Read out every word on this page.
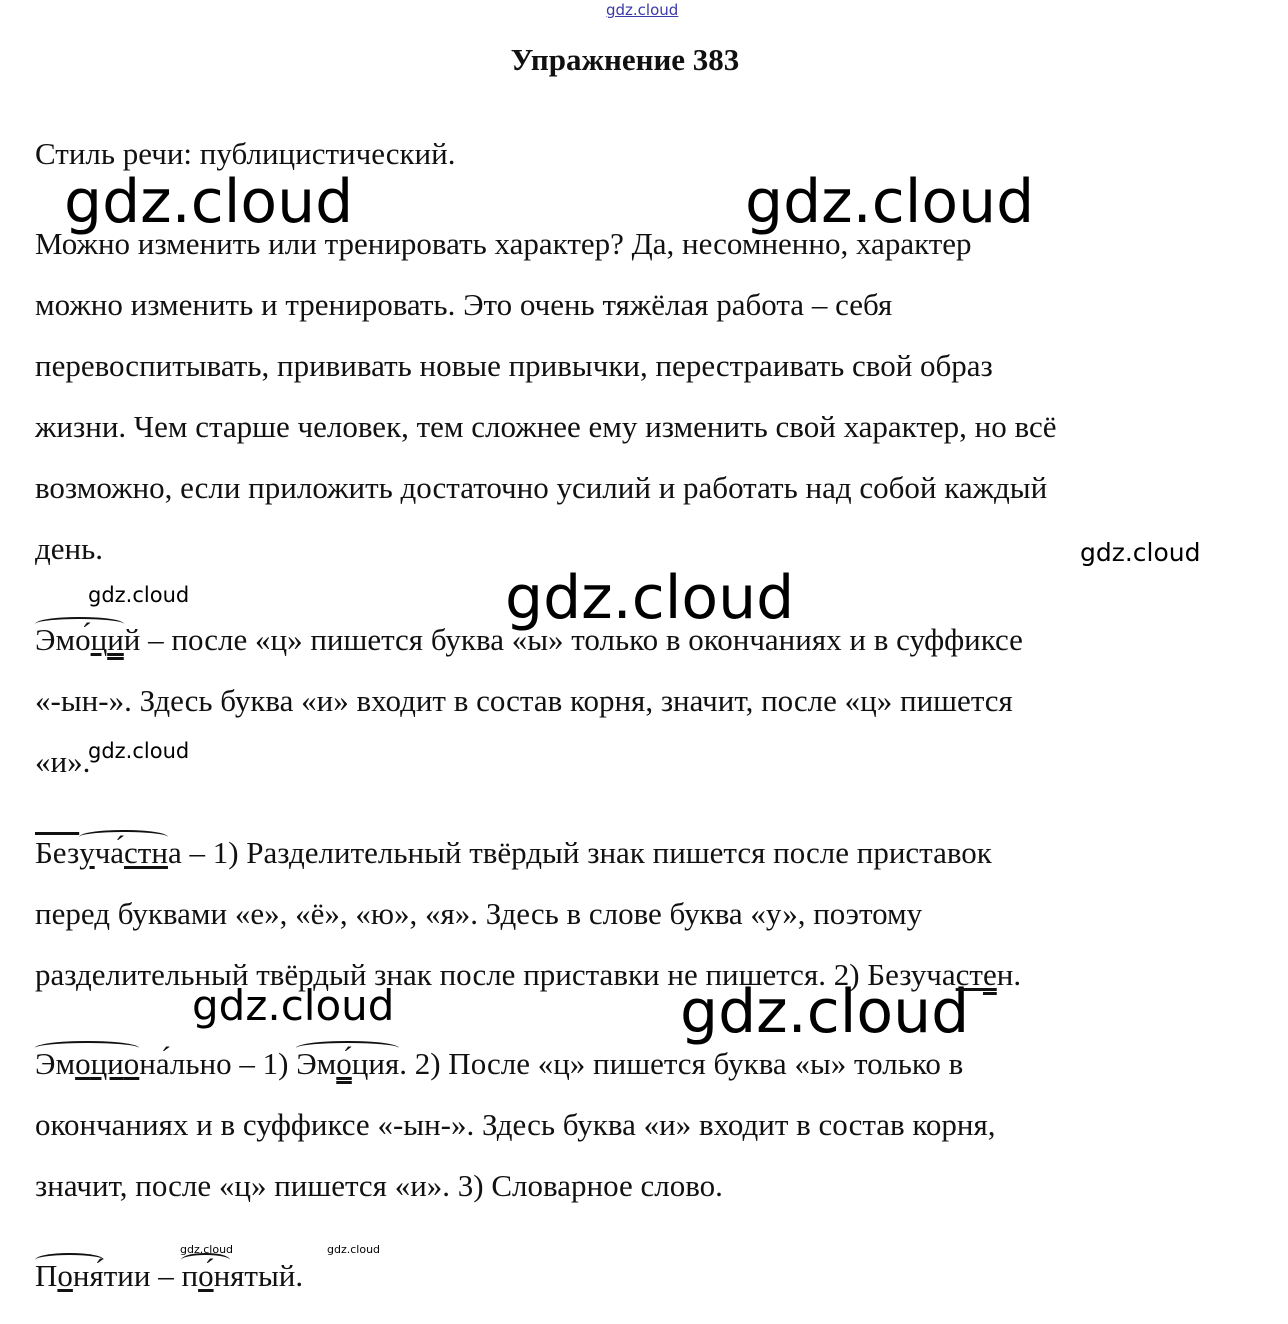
gdz.cloud
gdz.cloud	gdz.cloud
gdz.cloud
gdz.cloud	gdz.cloud
gdz.cloud
gdz.cloud	gdz.cloud
gdz.cloud	gdz.cloud
Упражнение 383
Стиль речи: публицистический.
Можно изменить или тренировать характер? Да, несомненно, характер
можно изменить и тренировать. Это очень тяжёлая работа – себя
перевоспитывать, прививать новые привычки, перестраивать свой образ
жизни. Чем старше человек, тем сложнее ему изменить свой характер, но всё
возможно, если приложить достаточно усилий и работать над собой каждый
день.
Эмо́ций – после «ц» пишется буква «ы» только в окончаниях и в суффиксе
«-ын-». Здесь буква «и» входит в состав корня, значит, после «ц» пишется
«и».
Безуча́стна – 1) Разделительный твёрдый знак пишется после приставок
перед буквами «е», «ё», «ю», «я». Здесь в слове буква «у», поэтому
разделительный твёрдый знак после приставки не пишется. 2) Безучастен.
Эмоциона́льно – 1) Эмо́ция. 2) После «ц» пишется буква «ы» только в
окончаниях и в суффиксе «-ын-». Здесь буква «и» входит в состав корня,
значит, после «ц» пишется «и». 3) Словарное слово.
Поня́тии – по́нятый.
